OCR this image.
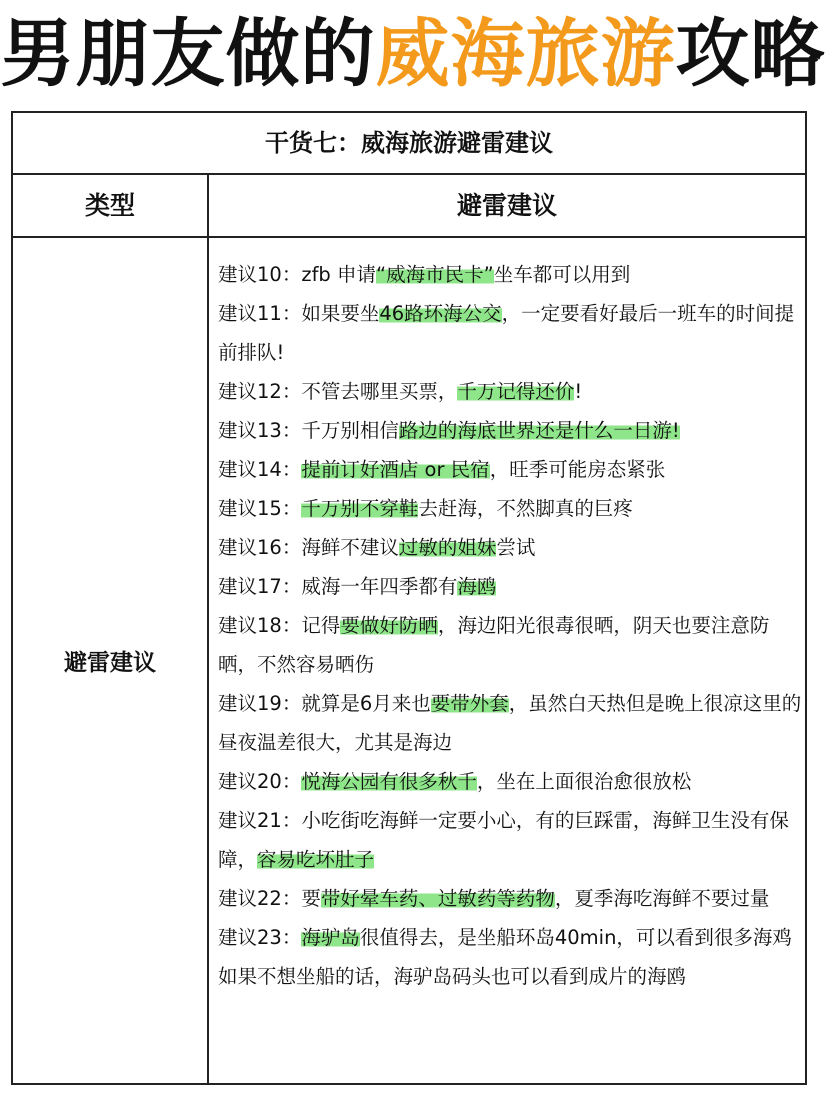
男朋友做的威海旅游攻略
干货七：威海旅游避雷建议
类型	避雷建议
避雷建议

建议10：zfb 申请“威海市民卡”坐车都可以用到

建议11：如果要坐46路环海公交，一定要看好最后一班车的时间提前排队!

建议12：不管去哪里买票，千万记得还价!

建议13：千万别相信路边的海底世界还是什么一日游!

建议14：提前订好酒店 or 民宿，旺季可能房态紧张

建议15：千万别不穿鞋去赶海，不然脚真的巨疼

建议16：海鲜不建议过敏的姐妹尝试

建议17：威海一年四季都有海鸥

建议18：记得要做好防晒，海边阳光很毒很晒，阴天也要注意防晒，不然容易晒伤

建议19：就算是6月来也要带外套，虽然白天热但是晚上很凉这里的昼夜温差很大，尤其是海边

建议20：悦海公园有很多秋千，坐在上面很治愈很放松

建议21：小吃街吃海鲜一定要小心，有的巨踩雷，海鲜卫生没有保障，容易吃坏肚子

建议22：要带好晕车药、过敏药等药物，夏季海吃海鲜不要过量

建议23：海驴岛很值得去，是坐船环岛40min，可以看到很多海鸡如果不想坐船的话，海驴岛码头也可以看到成片的海鸥
